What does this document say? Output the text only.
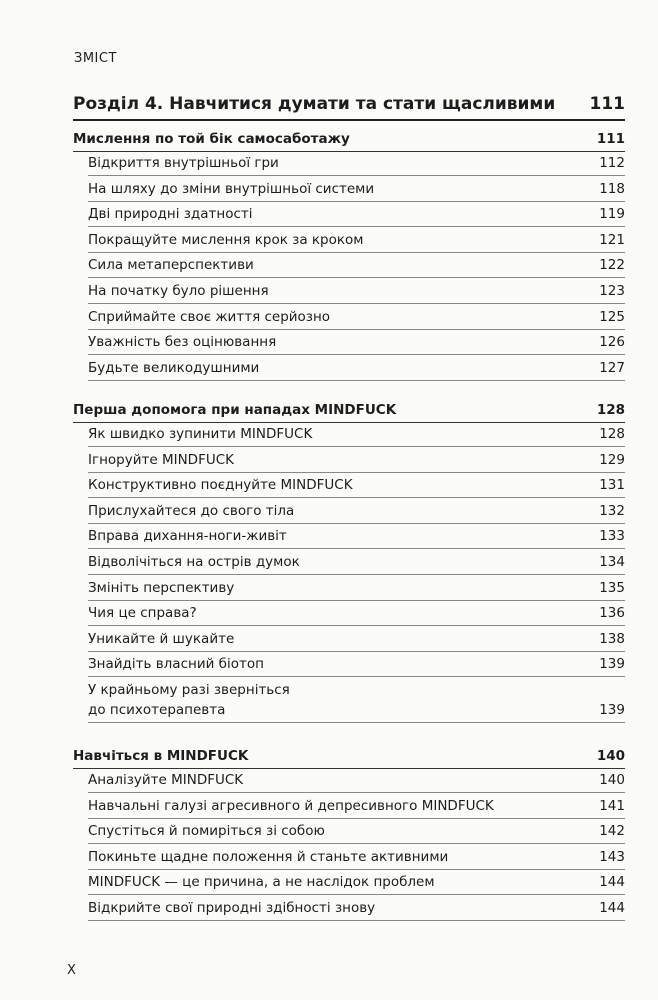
ЗМІСТ
Розділ 4. Навчитися думати та стати щасливими 111
Мислення по той бік самосаботажу	111
Відкриття внутрішньої гри	112
На шляху до зміни внутрішньої системи	118
Дві природні здатності	119
Покращуйте мислення крок за кроком	121
Сила метаперспективи	122
На початку було рішення	123
Сприймайте своє життя серйозно	125
Уважність без оцінювання	126
Будьте великодушними	127
Перша допомога при нападах MINDFUCK	128
Як швидко зупинити MINDFUCK	128
Ігноруйте MINDFUCK	129
Конструктивно поєднуйте MINDFUCK	131
Прислухайтеся до свого тіла	132
Вправа дихання-ноги-живіт	133
Відволічіться на острів думок	134
Змініть перспективу	135
Чия це справа?	136
Уникайте й шукайте	138
Знайдіть власний біотоп	139
У крайньому разі зверніться до психотерапевта	139
Навчіться в MINDFUCK	140
Аналізуйте MINDFUCK	140
Навчальні галузі агресивного й депресивного MINDFUCK	141
Спустіться й помиріться зі собою	142
Покиньте щадне положення й станьте активними	143
MINDFUCK — це причина, а не наслідок проблем	144
Відкрийте свої природні здібності знову	144
X
